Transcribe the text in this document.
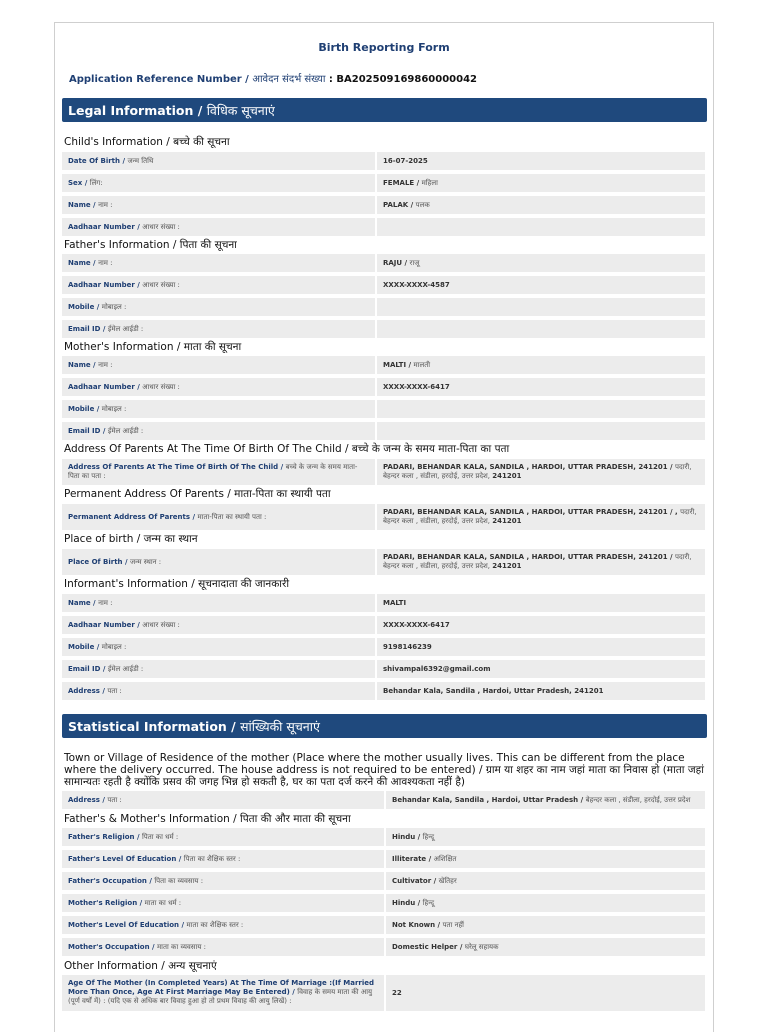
Birth Reporting Form
Application Reference Number / आवेदन संदर्भ संख्या : BA202509169860000042
Legal Information / विधिक सूचनाएं
Child's Information / बच्चे की सूचना
Date Of Birth / जन्म तिथि	16-07-2025
Sex / लिंग:	FEMALE / महिला
Name / नाम :	PALAK / पलक
Aadhaar Number / आधार संख्या :
Father's Information / पिता की सूचना
Name / नाम :	RAJU / राजू
Aadhaar Number / आधार संख्या :	XXXX-XXXX-4587
Mobile / मोबाइल :
Email ID / ईमेल आईडी :
Mother's Information / माता की सूचना
Name / नाम :	MALTI / मालती
Aadhaar Number / आधार संख्या :	XXXX-XXXX-6417
Mobile / मोबाइल :
Email ID / ईमेल आईडी :
Address Of Parents At The Time Of Birth Of The Child / बच्चे के जन्म के समय माता-पिता का पता
Address Of Parents At The Time Of Birth Of The Child / बच्चे के जन्म के समय माता-पिता का पता :
PADARI, BEHANDAR KALA, SANDILA , HARDOI, UTTAR PRADESH, 241201 / पदारी, बेहन्दर कला , संडीला, हरदोई, उत्तर प्रदेश, 241201
Permanent Address Of Parents / माता-पिता का स्थायी पता
Permanent Address Of Parents / माता-पिता का स्थायी पता :
PADARI, BEHANDAR KALA, SANDILA , HARDOI, UTTAR PRADESH, 241201 / , पदारी, बेहन्दर कला , संडीला, हरदोई, उत्तर प्रदेश, 241201
Place of birth / जन्म का स्थान
Place Of Birth / जन्म स्थान :
PADARI, BEHANDAR KALA, SANDILA , HARDOI, UTTAR PRADESH, 241201 / पदारी, बेहन्दर कला , संडीला, हरदोई, उत्तर प्रदेश, 241201
Informant's Information / सूचनादाता की जानकारी
Name / नाम :	MALTI
Aadhaar Number / आधार संख्या :	XXXX-XXXX-6417
Mobile / मोबाइल :	9198146239
Email ID / ईमेल आईडी :	shivampal6392@gmail.com
Address / पता :	Behandar Kala, Sandila , Hardoi, Uttar Pradesh, 241201
Statistical Information / सांख्यिकी सूचनाएं
Town or Village of Residence of the mother (Place where the mother usually lives. This can be different from the place where the delivery occurred. The house address is not required to be entered) / ग्राम या शहर का नाम जहां माता का निवास हो (माता जहां सामान्यतः रहती है क्योंकि प्रसव की जगह भिन्न हो सकती है, घर का पता दर्ज करने की आवश्यकता नहीं है)
Address / पता :	Behandar Kala, Sandila , Hardoi, Uttar Pradesh / बेहन्दर कला , संडीला, हरदोई, उत्तर प्रदेश
Father's & Mother's Information / पिता की और माता की सूचना
Father's Religion / पिता का धर्म :	Hindu / हिन्दू
Father's Level Of Education / पिता का शैक्षिक स्तर :	Illiterate / अशिक्षित
Father's Occupation / पिता का व्यवसाय :	Cultivator / खेतिहर
Mother's Religion / माता का धर्म :	Hindu / हिन्दू
Mother's Level Of Education / माता का शैक्षिक स्तर :	Not Known / पता नहीं
Mother's Occupation / माता का व्यवसाय :	Domestic Helper / घरेलू सहायक
Other Information / अन्य सूचनाएं
Age Of The Mother (In Completed Years) At The Time Of Marriage :(If Married More Than Once, Age At First Marriage May Be Entered) / विवाह के समय माता की आयु (पूर्ण वर्षों में) : (यदि एक से अधिक बार विवाह हुआ हो तो प्रथम विवाह की आयु लिखें) :
22
